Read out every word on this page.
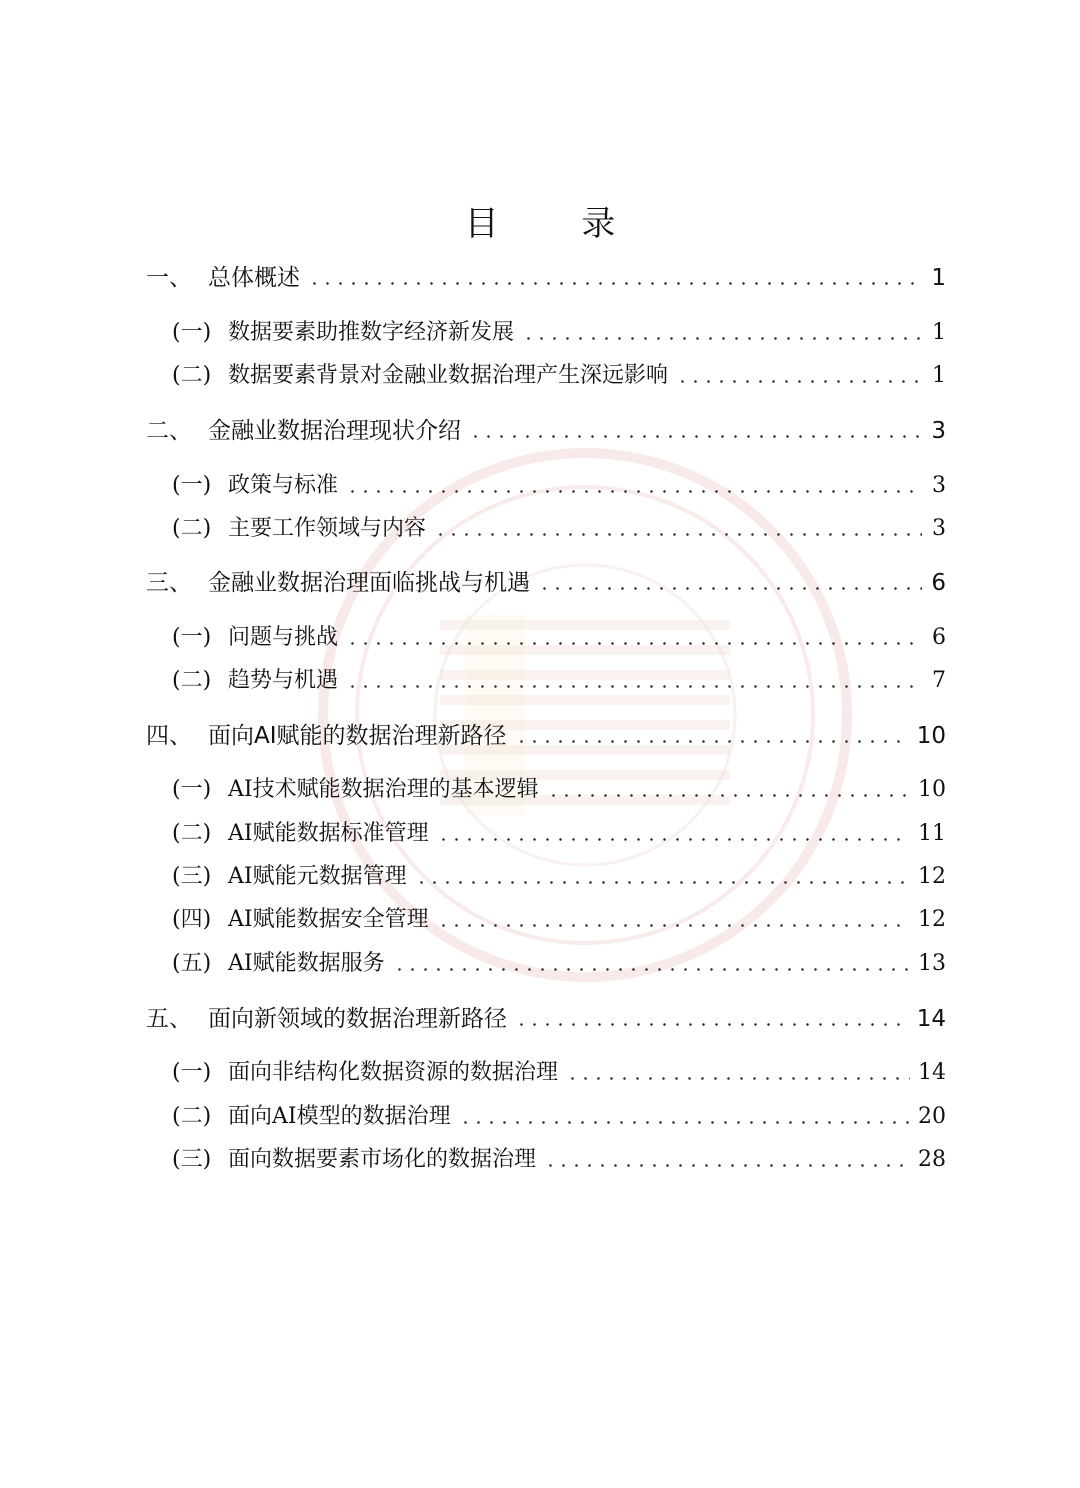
目 录
一、 总体概述	1
(一) 数据要素助推数字经济新发展	1
(二) 数据要素背景对金融业数据治理产生深远影响	1
二、 金融业数据治理现状介绍	3
(一) 政策与标准	3
(二) 主要工作领域与内容	3
三、 金融业数据治理面临挑战与机遇	6
(一) 问题与挑战	6
(二) 趋势与机遇	7
四、 面向AI赋能的数据治理新路径	10
(一) AI技术赋能数据治理的基本逻辑	10
(二) AI赋能数据标准管理	11
(三) AI赋能元数据管理	12
(四) AI赋能数据安全管理	12
(五) AI赋能数据服务	13
五、 面向新领域的数据治理新路径	14
(一) 面向非结构化数据资源的数据治理	14
(二) 面向AI模型的数据治理	20
(三) 面向数据要素市场化的数据治理	28
